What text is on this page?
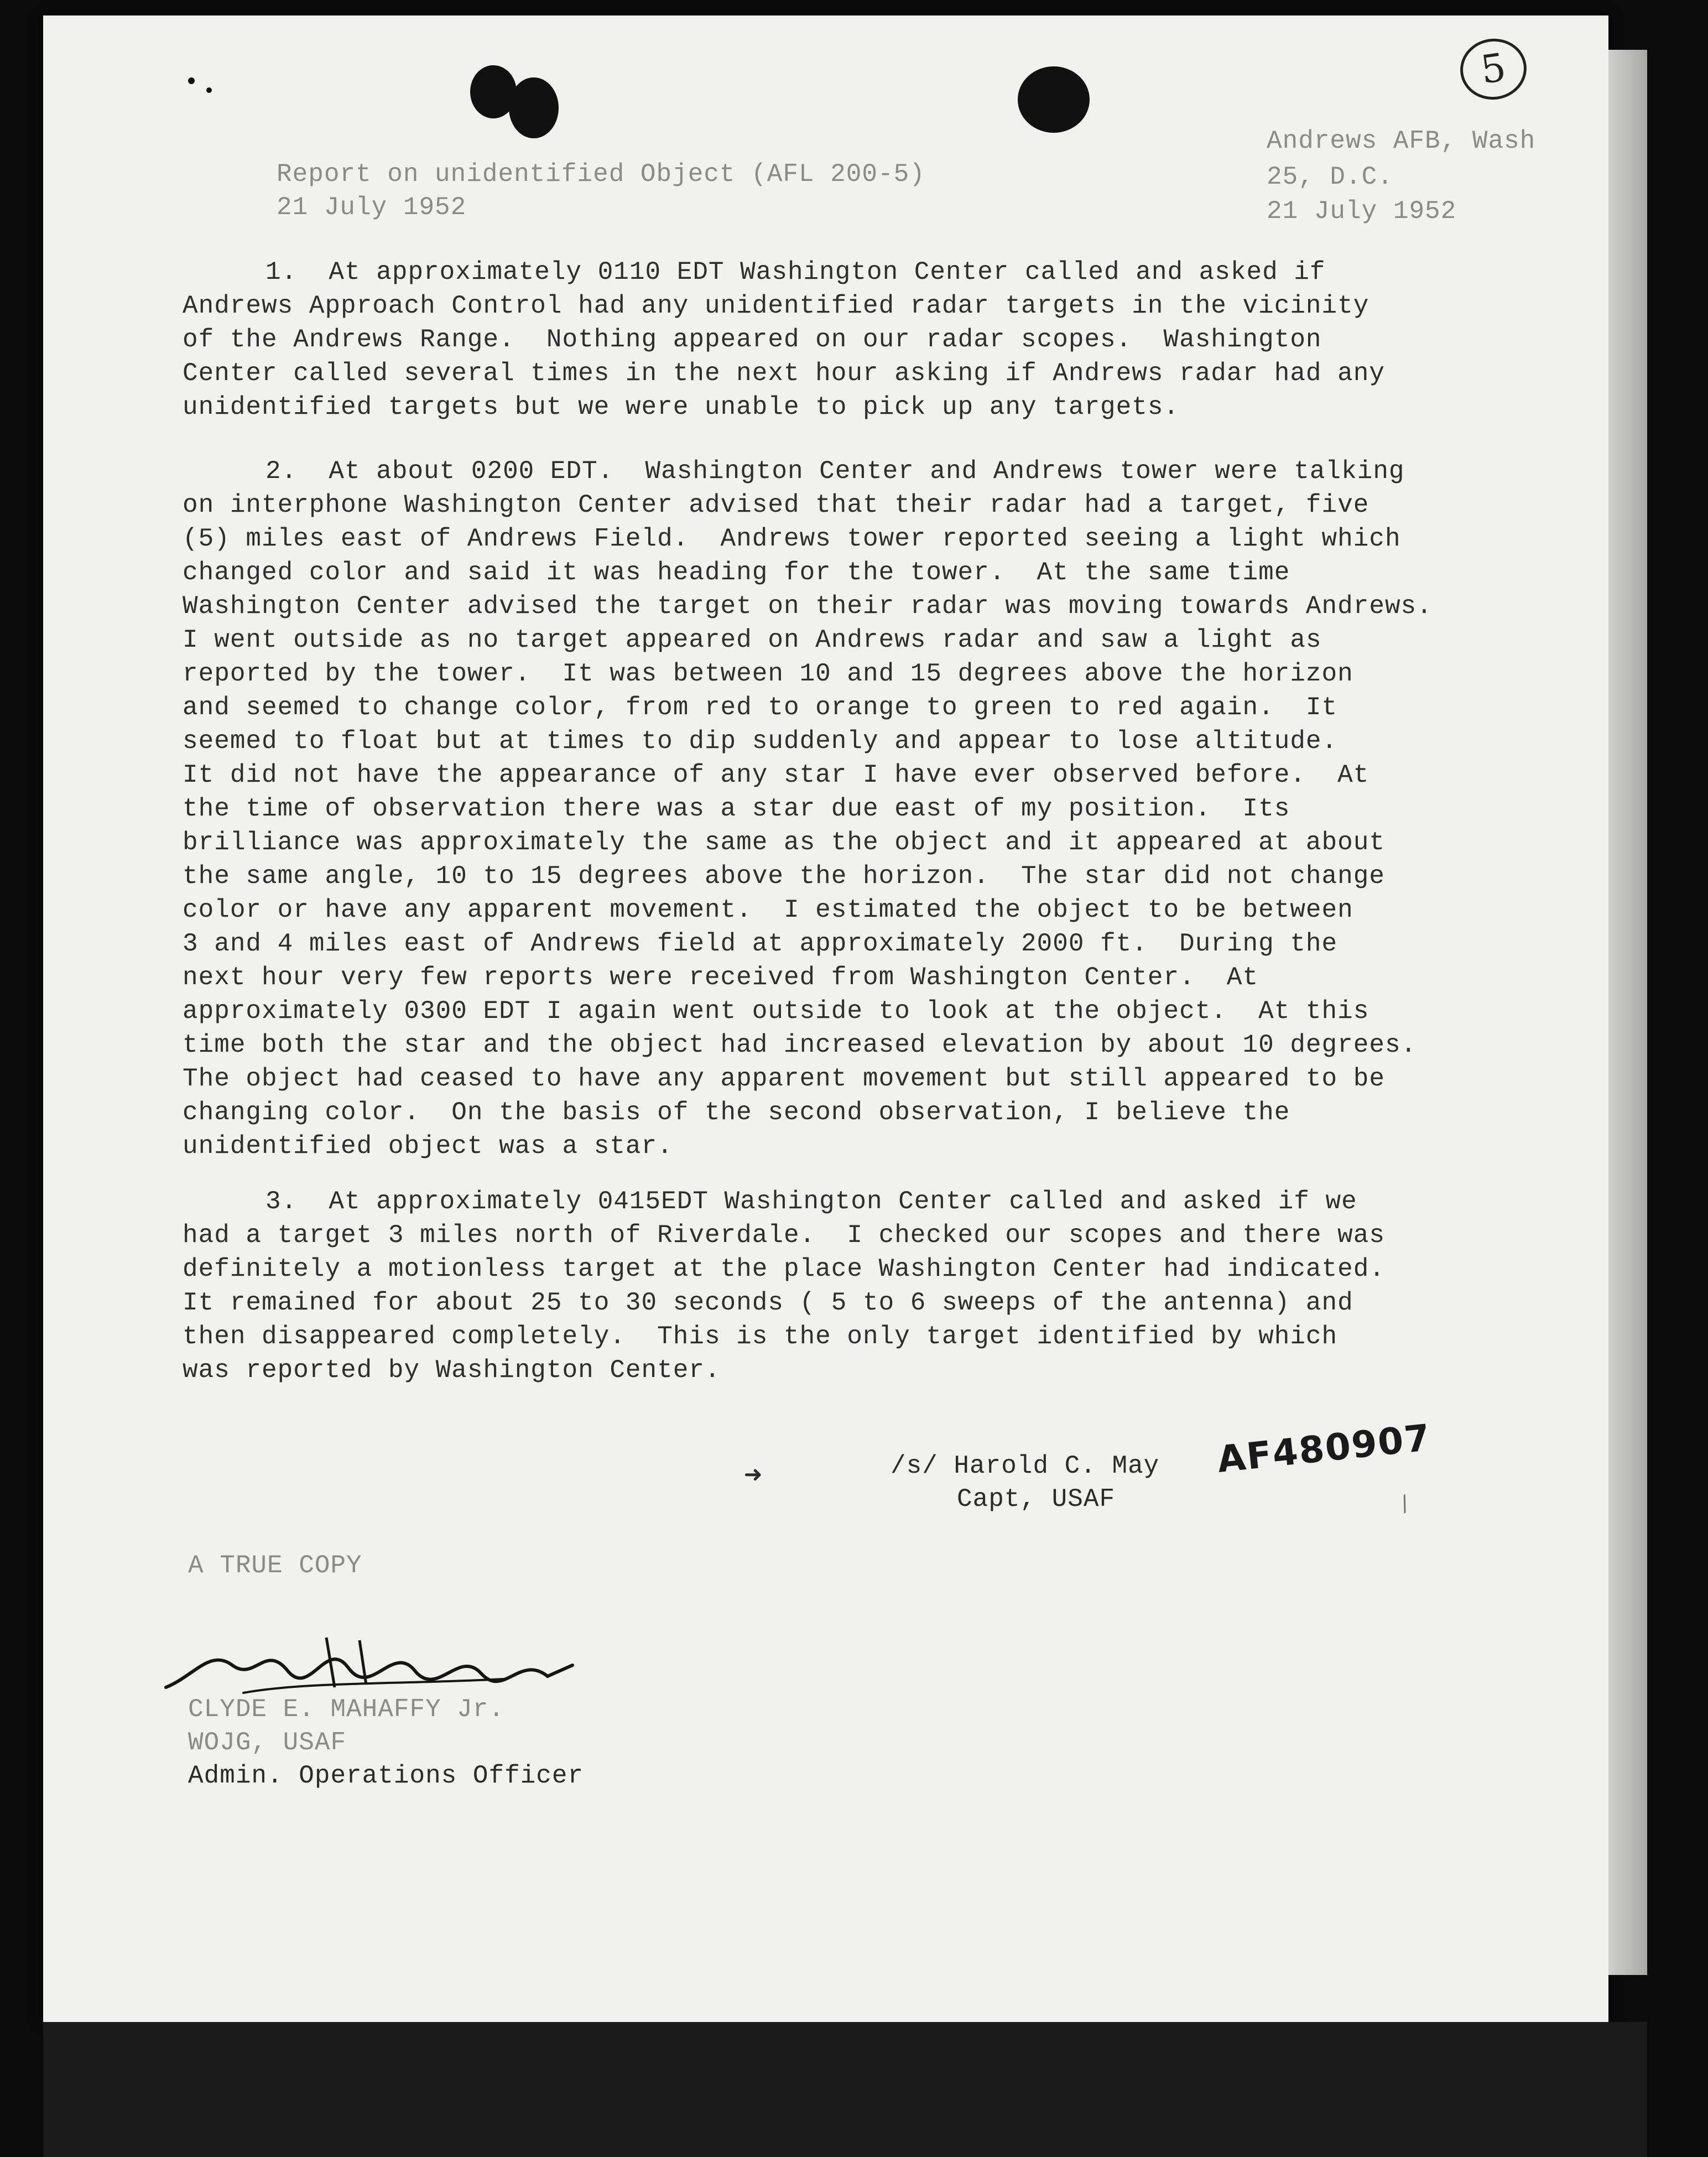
5
Report on unidentified Object (AFL 200-5)
21 July 1952
Andrews AFB, Wash
25, D.C.
21 July 1952
1.  At approximately 0110 EDT Washington Center called and asked if
Andrews Approach Control had any unidentified radar targets in the vicinity
of the Andrews Range.  Nothing appeared on our radar scopes.  Washington
Center called several times in the next hour asking if Andrews radar had any
unidentified targets but we were unable to pick up any targets.
2.  At about 0200 EDT.  Washington Center and Andrews tower were talking
on interphone Washington Center advised that their radar had a target, five
(5) miles east of Andrews Field.  Andrews tower reported seeing a light which
changed color and said it was heading for the tower.  At the same time
Washington Center advised the target on their radar was moving towards Andrews.
I went outside as no target appeared on Andrews radar and saw a light as
reported by the tower.  It was between 10 and 15 degrees above the horizon
and seemed to change color, from red to orange to green to red again.  It
seemed to float but at times to dip suddenly and appear to lose altitude.
It did not have the appearance of any star I have ever observed before.  At
the time of observation there was a star due east of my position.  Its
brilliance was approximately the same as the object and it appeared at about
the same angle, 10 to 15 degrees above the horizon.  The star did not change
color or have any apparent movement.  I estimated the object to be between
3 and 4 miles east of Andrews field at approximately 2000 ft.  During the
next hour very few reports were received from Washington Center.  At
approximately 0300 EDT I again went outside to look at the object.  At this
time both the star and the object had increased elevation by about 10 degrees.
The object had ceased to have any apparent movement but still appeared to be
changing color.  On the basis of the second observation, I believe the
unidentified object was a star.
3.  At approximately 0415EDT Washington Center called and asked if we
had a target 3 miles north of Riverdale.  I checked our scopes and there was
definitely a motionless target at the place Washington Center had indicated.
It remained for about 25 to 30 seconds ( 5 to 6 sweeps of the antenna) and
then disappeared completely.  This is the only target identified by which
was reported by Washington Center.
➜	/s/ Harold C. May
Capt, USAF
AF480907
/
A TRUE COPY
CLYDE E. MAHAFFY Jr.
WOJG, USAF
Admin. Operations Officer
